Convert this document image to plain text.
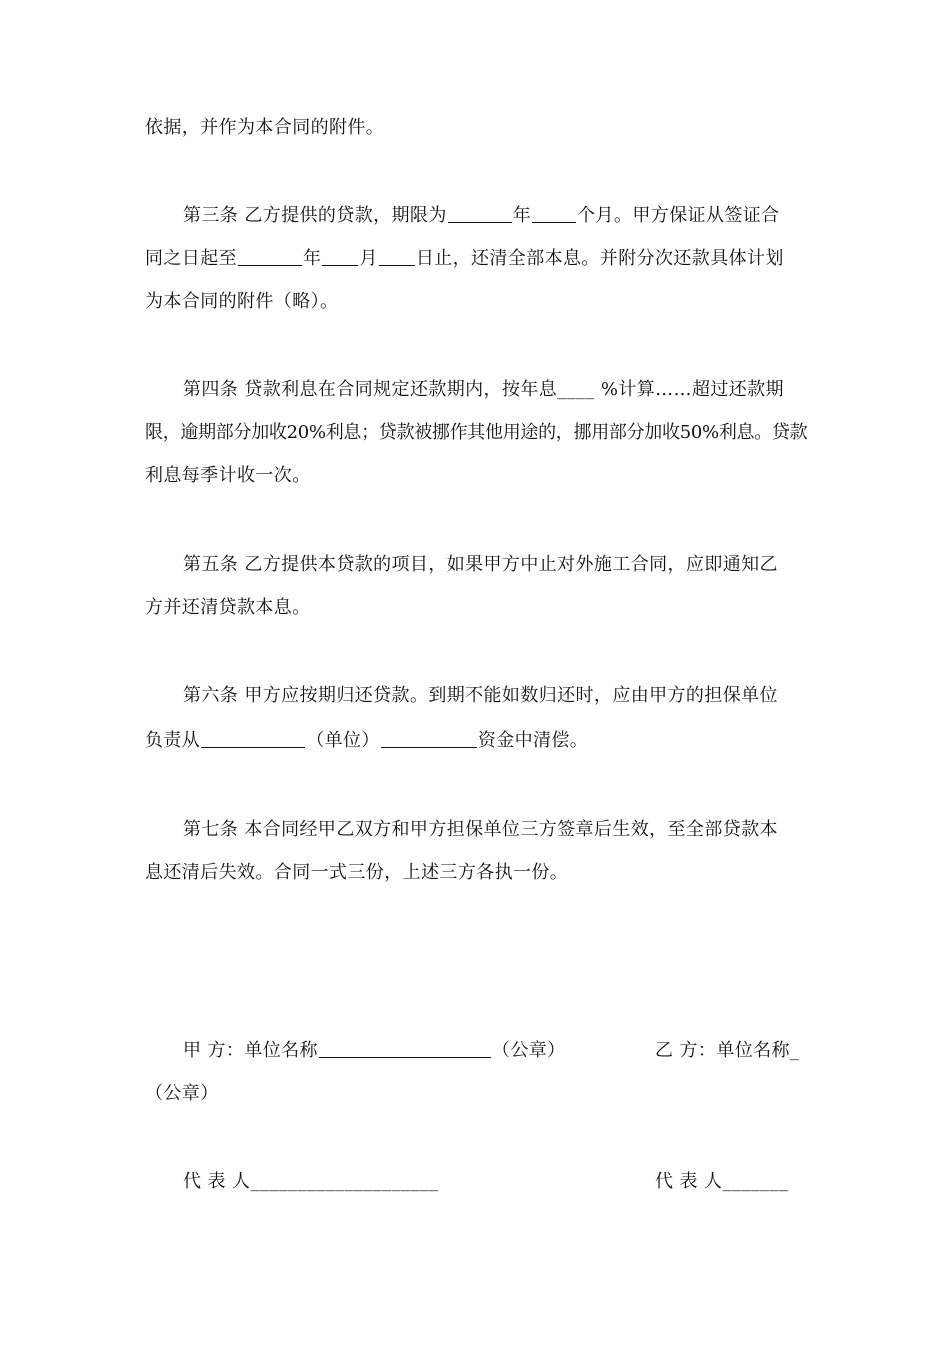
依据，并作为本合同的附件。
第三条 乙方提供的贷款，期限为	年	个月。甲方保证从签证合
同之日起至	年 月 日止，还清全部本息。并附分次还款具体计划
为本合同的附件（略）。
第四条 贷款利息在合同规定还款期内，按年息____ %计算……超过还款期
限，逾期部分加收20%利息；贷款被挪作其他用途的，挪用部分加收50%利息。贷款
利息每季计收一次。
第五条 乙方提供本贷款的项目，如果甲方中止对外施工合同，应即通知乙
方并还清贷款本息。
第六条 甲方应按期归还贷款。到期不能如数归还时，应由甲方的担保单位
负责从	（单位）	资金中清偿。
第七条 本合同经甲乙双方和甲方担保单位三方签章后生效，至全部贷款本
息还清后失效。合同一式三份，上述三方各执一份。
甲 方：单位名称	（公章）	乙 方：单位名称_
（公章）
代 表 人____________________	代 表 人_______
